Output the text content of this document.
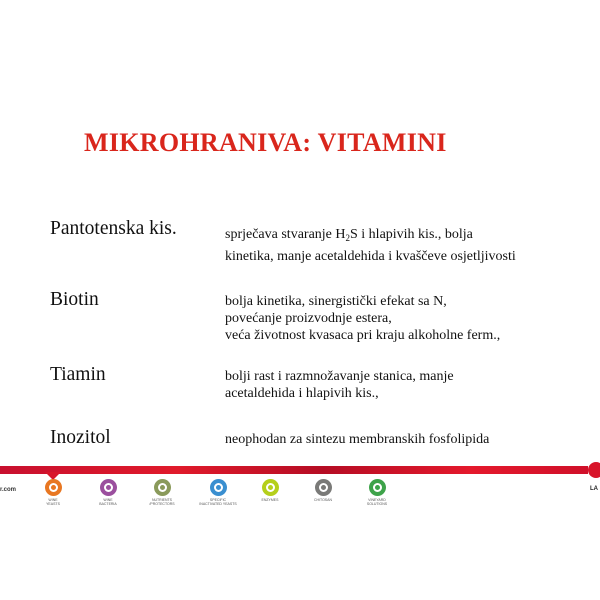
MIKROHRANIVA: VITAMINI
Pantotenska kis.	sprječava stvaranje $H_2S$ i hlapivih kis., bolja
kinetika, manje acetaldehida i kvaščeve osjetljivosti
Biotin	bolja kinetika, sinergistički efekat sa N,
povećanje proizvodnje estera,
veća životnost kvasaca pri kraju alkoholne ferm.,
Tiamin	bolji rast i razmnožavanje stanica, manje
acetaldehida i hlapivih kis.,
Inozitol	neophodan za sintezu membranskih fosfolipida
r.com	LA
WINE
YEASTS
WINE
BACTERIA
NUTRIENTS
/PROTECTORS
SPECIFIC
INACTIVATED YEASTS
ENZYMES	CHITOSAN	VINEYARD
SOLUTIONS
